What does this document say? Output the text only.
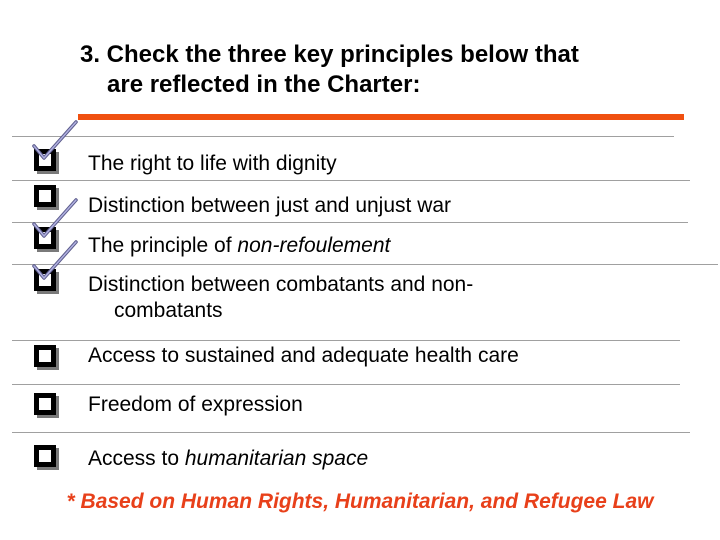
3. Check the three key principles below that
are reflected in the Charter:
The right to life with dignity
Distinction between just and unjust war
The principle of non-refoulement
Distinction between combatants and non-
combatants
Access to sustained and adequate health care
Freedom of expression
Access to humanitarian space
* Based on Human Rights, Humanitarian, and Refugee Law
